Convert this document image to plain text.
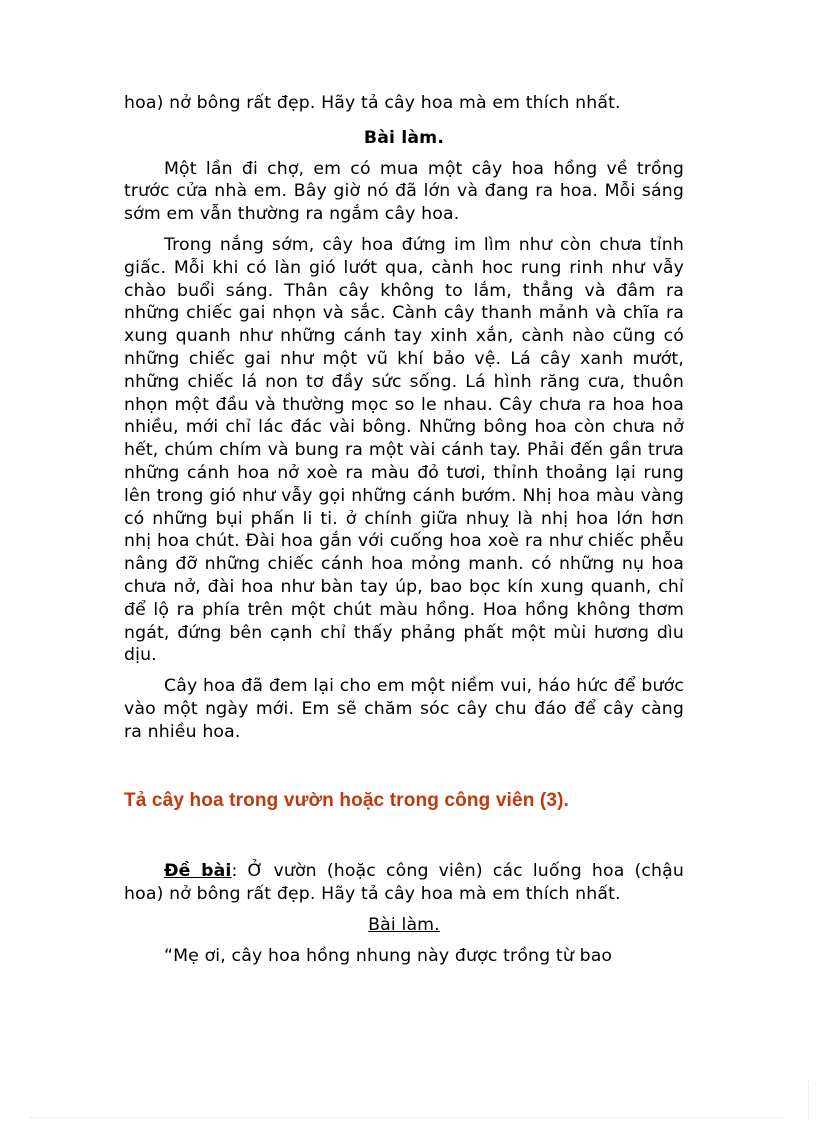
hoa) nở bông rất đẹp. Hãy tả cây hoa mà em thích nhất.

Bài làm.

Một lần đi chợ, em có mua một cây hoa hồng về trồng trước cửa nhà em. Bây giờ nó đã lớn và đang ra hoa. Mỗi sáng sớm em vẫn thường ra ngắm cây hoa.

Trong nắng sớm, cây hoa đứng im lìm như còn chưa tỉnh giấc. Mỗi khi có làn gió lướt qua, cành hoc rung rinh như vẫy chào buổi sáng. Thân cây không to lắm, thẳng và đâm ra những chiếc gai nhọn và sắc. Cành cây thanh mảnh và chĩa ra xung quanh như những cánh tay xinh xắn, cành nào cũng có những chiếc gai như một vũ khí bảo vệ. Lá cây xanh mướt, những chiếc lá non tơ đầy sức sống. Lá hình răng cưa, thuôn nhọn một đầu và thường mọc so le nhau. Cây chưa ra hoa hoa nhiều, mới chỉ lác đác vài bông. Những bông hoa còn chưa nở hết, chúm chím và bung ra một vài cánh tay. Phải đến gần trưa những cánh hoa nở xoè ra màu đỏ tươi, thỉnh thoảng lại rung lên trong gió như vẫy gọi những cánh bướm. Nhị hoa màu vàng có những bụi phấn li ti. ở chính giữa nhuỵ là nhị hoa lớn hơn nhị hoa chút. Đài hoa gắn với cuống hoa xoè ra như chiếc phễu nâng đỡ những chiếc cánh hoa mỏng manh. có những nụ hoa chưa nở, đài hoa như bàn tay úp, bao bọc kín xung quanh, chỉ để lộ ra phía trên một chút màu hồng. Hoa hồng không thơm ngát, đứng bên cạnh chỉ thấy phảng phất một mùi hương dìu dịu.

Cây hoa đã đem lại cho em một niềm vui, háo hức để bước vào một ngày mới. Em sẽ chăm sóc cây chu đáo để cây càng ra nhiều hoa.

Tả cây hoa trong vườn hoặc trong công viên (3).

Đề bài: Ở vườn (hoặc công viên) các luống hoa (chậu hoa) nở bông rất đẹp. Hãy tả cây hoa mà em thích nhất.

Bài làm.

“Mẹ ơi, cây hoa hồng nhung này được trồng từ bao
